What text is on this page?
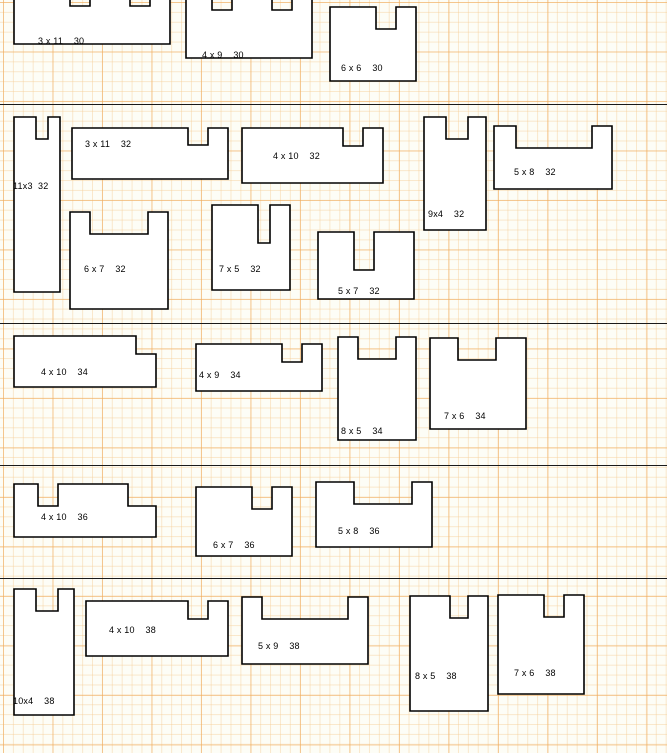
3 x 11    30
4 x 9    30
6 x 6    30
11x3  32
3 x 11    32
4 x 10    32
9x4    32
5 x 8    32
6 x 7    32	7 x 5    32
5 x 7    32
4 x 10    34	4 x 9    34
8 x 5    34
7 x 6    34
4 x 10    36
6 x 7    36
5 x 8    36
10x4    38
4 x 10    38
5 x 9    38
8 x 5    38	7 x 6    38
